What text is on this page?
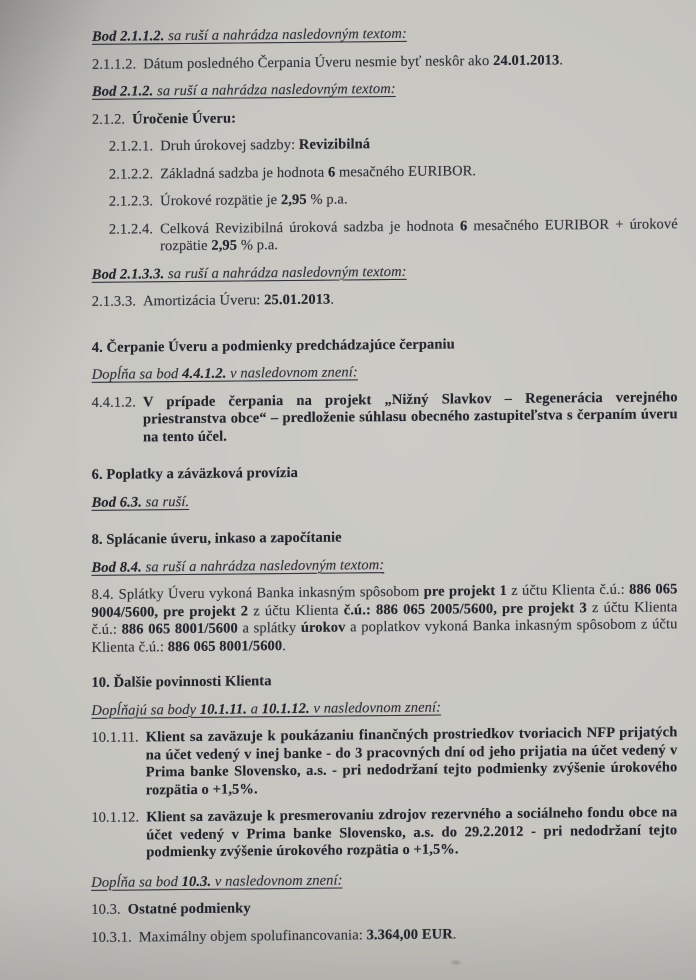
Bod 2.1.1.2. sa ruší a nahrádza nasledovným textom:
2.1.1.2. Dátum posledného Čerpania Úveru nesmie byť neskôr ako 24.01.2013.
Bod 2.1.2. sa ruší a nahrádza nasledovným textom:
2.1.2. Úročenie Úveru:
2.1.2.1. Druh úrokovej sadzby: Revizibilná
2.1.2.2. Základná sadzba je hodnota 6 mesačného EURIBOR.
2.1.2.3. Úrokové rozpätie je 2,95 % p.a.
2.1.2.4. Celková Revizibilná úroková sadzba je hodnota 6 mesačného EURIBOR + úrokové rozpätie 2,95 % p.a.
Bod 2.1.3.3. sa ruší a nahrádza nasledovným textom:
2.1.3.3. Amortizácia Úveru: 25.01.2013.
4. Čerpanie Úveru a podmienky predchádzajúce čerpaniu
Dopĺňa sa bod 4.4.1.2. v nasledovnom znení:
4.4.1.2. V prípade čerpania na projekt „Nižný Slavkov – Regenerácia verejného priestranstva obce“ – predloženie súhlasu obecného zastupiteľstva s čerpaním úveru na tento účel.
6. Poplatky a záväzková provízia
Bod 6.3. sa ruší.
8. Splácanie úveru, inkaso a započítanie
Bod 8.4. sa ruší a nahrádza nasledovným textom:
8.4. Splátky Úveru vykoná Banka inkasným spôsobom pre projekt 1 z účtu Klienta č.ú.: 886 065 9004/5600, pre projekt 2 z účtu Klienta č.ú.: 886 065 2005/5600, pre projekt 3 z účtu Klienta č.ú.: 886 065 8001/5600 a splátky úrokov a poplatkov vykoná Banka inkasným spôsobom z účtu Klienta č.ú.: 886 065 8001/5600.
10. Ďalšie povinnosti Klienta
Dopĺňajú sa body 10.1.11. a 10.1.12. v nasledovnom znení:
10.1.11. Klient sa zaväzuje k poukázaniu finančných prostriedkov tvoriacich NFP prijatých na účet vedený v inej banke - do 3 pracovných dní od jeho prijatia na účet vedený v Prima banke Slovensko, a.s. - pri nedodržaní tejto podmienky zvýšenie úrokového rozpätia o +1,5%.
10.1.12. Klient sa zaväzuje k presmerovaniu zdrojov rezervného a sociálneho fondu obce na účet vedený v Prima banke Slovensko, a.s. do 29.2.2012 - pri nedodržaní tejto podmienky zvýšenie úrokového rozpätia o +1,5%.
Dopĺňa sa bod 10.3. v nasledovnom znení:
10.3. Ostatné podmienky
10.3.1. Maximálny objem spolufinancovania: 3.364,00 EUR.
